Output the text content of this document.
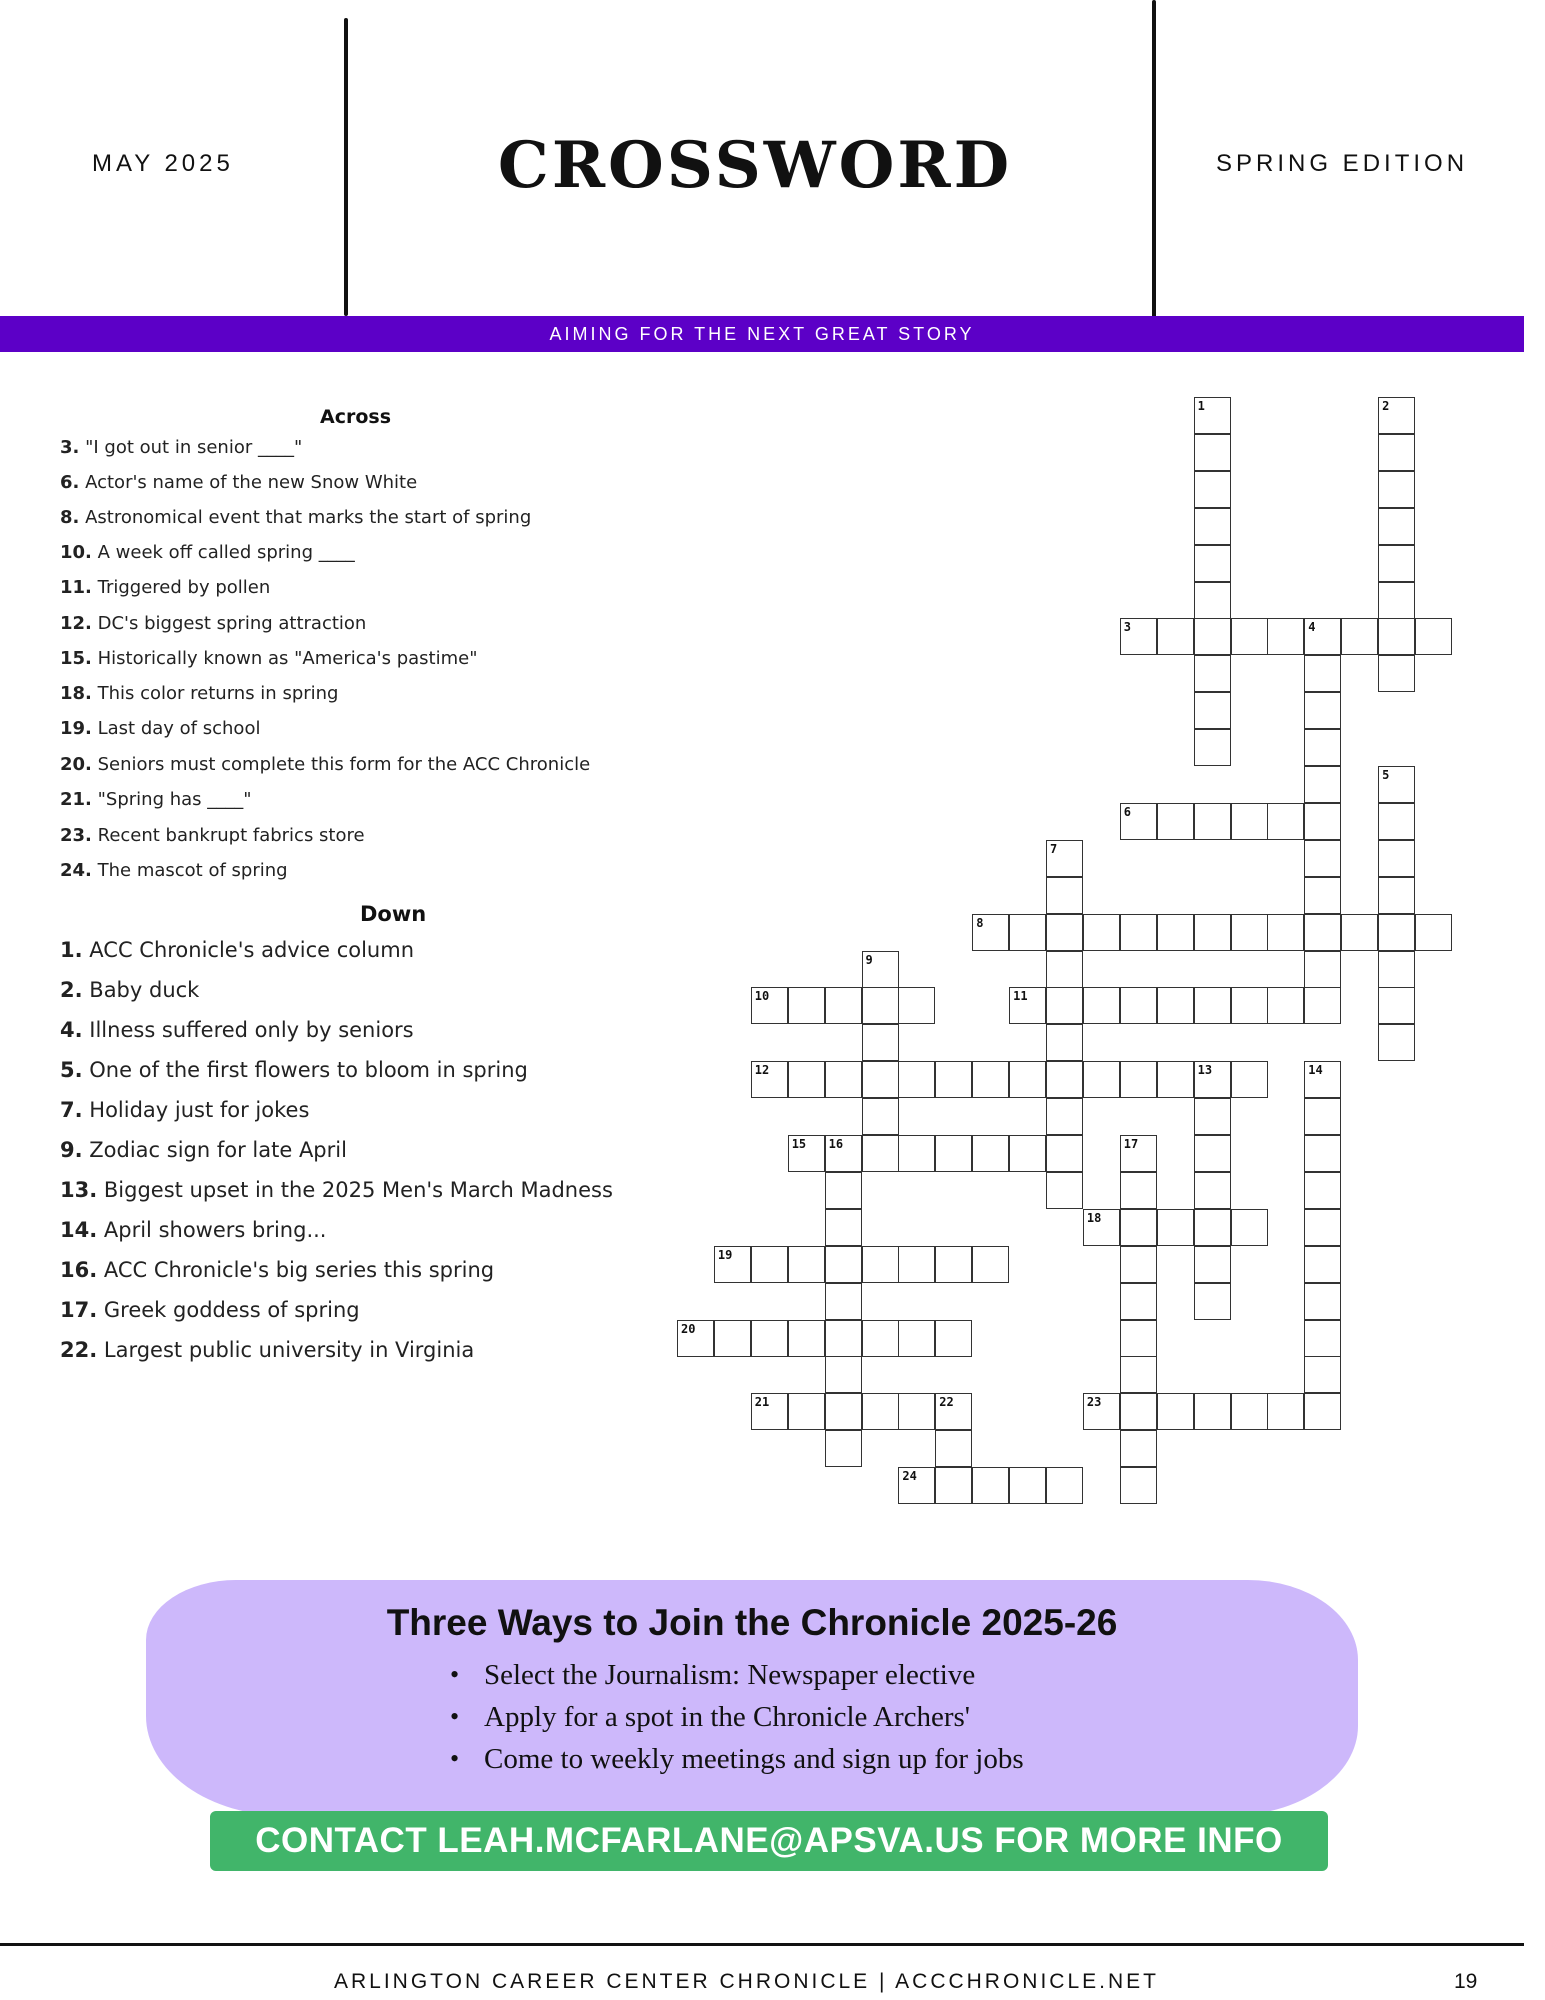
MAY 2025	CROSSWORD	SPRING EDITION
AIMING FOR THE NEXT GREAT STORY
Across
3. "I got out in senior ____"
6. Actor's name of the new Snow White
8. Astronomical event that marks the start of spring
10. A week off called spring ____
11. Triggered by pollen
12. DC's biggest spring attraction
15. Historically known as "America's pastime"
18. This color returns in spring
19. Last day of school
20. Seniors must complete this form for the ACC Chronicle
21. "Spring has ____"
23. Recent bankrupt fabrics store
24. The mascot of spring
Down
1. ACC Chronicle's advice column
2. Baby duck
4. Illness suffered only by seniors
5. One of the first flowers to bloom in spring
7. Holiday just for jokes
9. Zodiac sign for late April
13. Biggest upset in the 2025 Men's March Madness
14. April showers bring...
16. ACC Chronicle's big series this spring
17. Greek goddess of spring
22. Largest public university in Virginia
1	2
3	4
5
6
7
8
9
10	11
12	13	14
15 16	17
18
19
20
21	22	23
24
Three Ways to Join the Chronicle 2025-26
• Select the Journalism: Newspaper elective
• Apply for a spot in the Chronicle Archers'
• Come to weekly meetings and sign up for jobs
CONTACT LEAH.MCFARLANE@APSVA.US FOR MORE INFO
ARLINGTON CAREER CENTER CHRONICLE | ACCCHRONICLE.NET	19
